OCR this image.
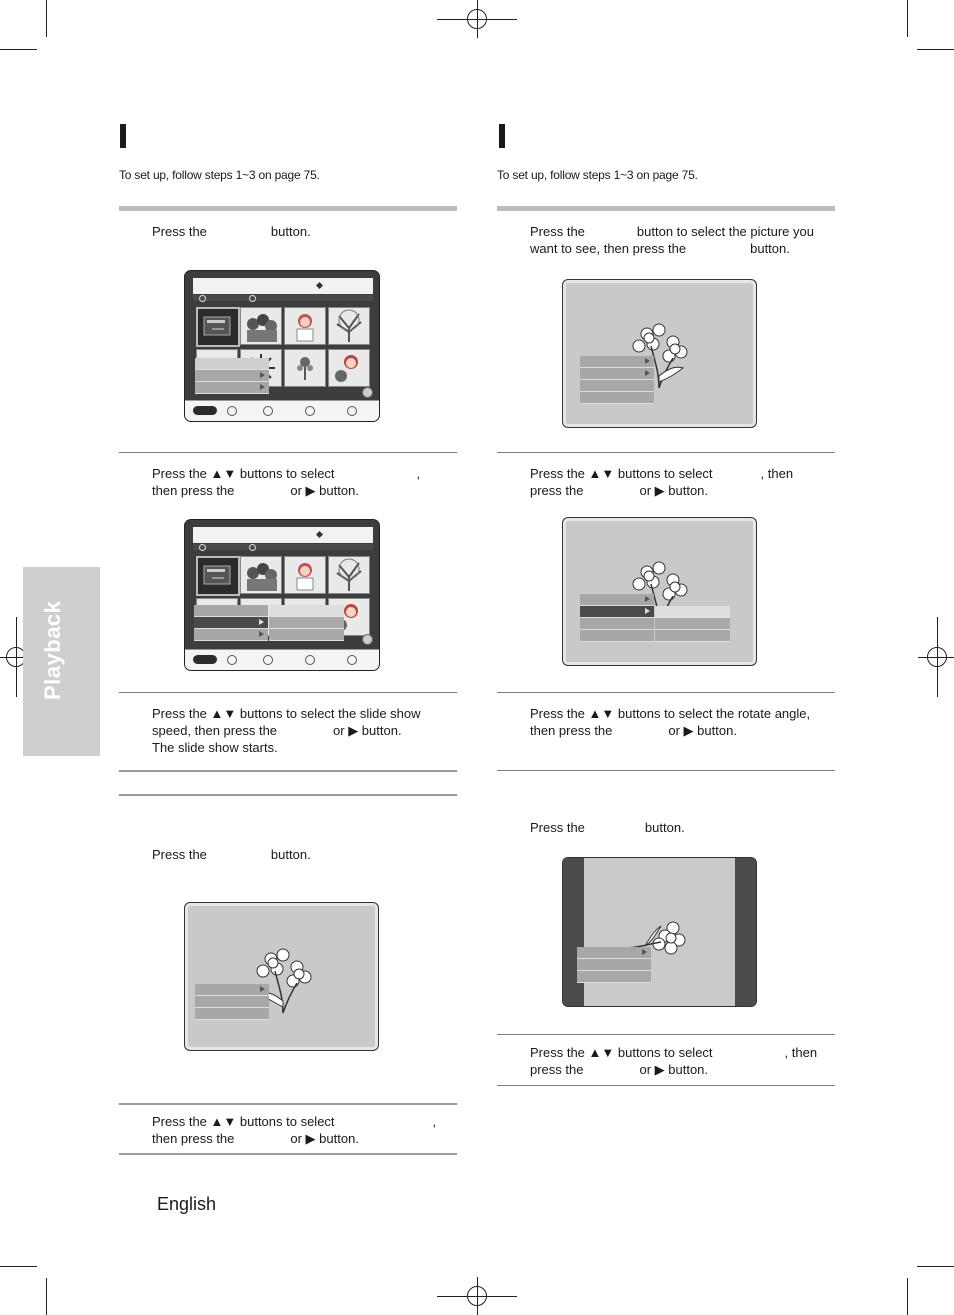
Playback
To set up, follow steps 1~3 on page 75.
Press the	button.
Press the ▲▼ buttons to select	,
then press the	or ▶ button.
Press the ▲▼ buttons to select the slide show
speed, then press the	or ▶ button.
The slide show starts.
Press the	button.
Press the ▲▼ buttons to select	,
then press the	or ▶ button.
To set up, follow steps 1~3 on page 75.
Press the	button to select the picture you
want to see, then press the	button.
Press the ▲▼ buttons to select	, then
press the	or ▶ button.
Press the ▲▼ buttons to select the rotate angle,
then press the	or ▶ button.
Press the	button.
Press the ▲▼ buttons to select	, then
press the	or ▶ button.
English
